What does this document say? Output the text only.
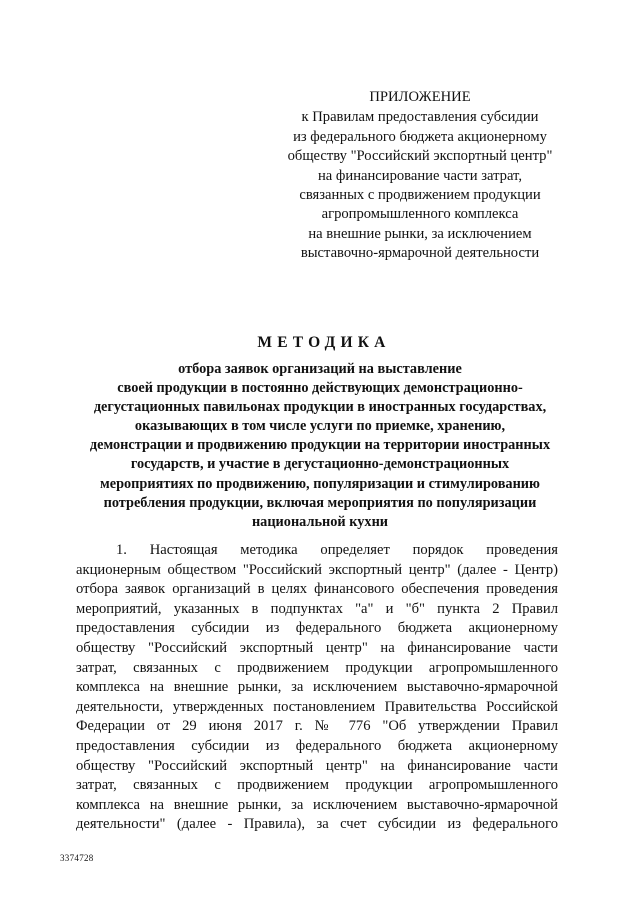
ПРИЛОЖЕНИЕ
к Правилам предоставления субсидии
из федерального бюджета акционерному
обществу "Российский экспортный центр"
на финансирование части затрат,
связанных с продвижением продукции
агропромышленного комплекса
на внешние рынки, за исключением
выставочно-ярмарочной деятельности
МЕТОДИКА
отбора заявок организаций на выставление
своей продукции в постоянно действующих демонстрационно-
дегустационных павильонах продукции в иностранных государствах,
оказывающих в том числе услуги по приемке, хранению,
демонстрации и продвижению продукции на территории иностранных
государств, и участие в дегустационно-демонстрационных
мероприятиях по продвижению, популяризации и стимулированию
потребления продукции, включая мероприятия по популяризации
национальной кухни
1. Настоящая методика определяет порядок проведения
акционерным обществом "Российский экспортный центр" (далее - Центр)
отбора заявок организаций в целях финансового обеспечения проведения
мероприятий, указанных в подпунктах "а" и "б" пункта 2 Правил
предоставления субсидии из федерального бюджета акционерному
обществу "Российский экспортный центр" на финансирование части
затрат, связанных с продвижением продукции агропромышленного
комплекса на внешние рынки, за исключением выставочно-ярмарочной
деятельности, утвержденных постановлением Правительства Российской
Федерации от 29 июня 2017 г. № 776 "Об утверждении Правил
предоставления субсидии из федерального бюджета акционерному
обществу "Российский экспортный центр" на финансирование части
затрат, связанных с продвижением продукции агропромышленного
комплекса на внешние рынки, за исключением выставочно-ярмарочной
деятельности" (далее - Правила), за счет субсидии из федерального
3374728
